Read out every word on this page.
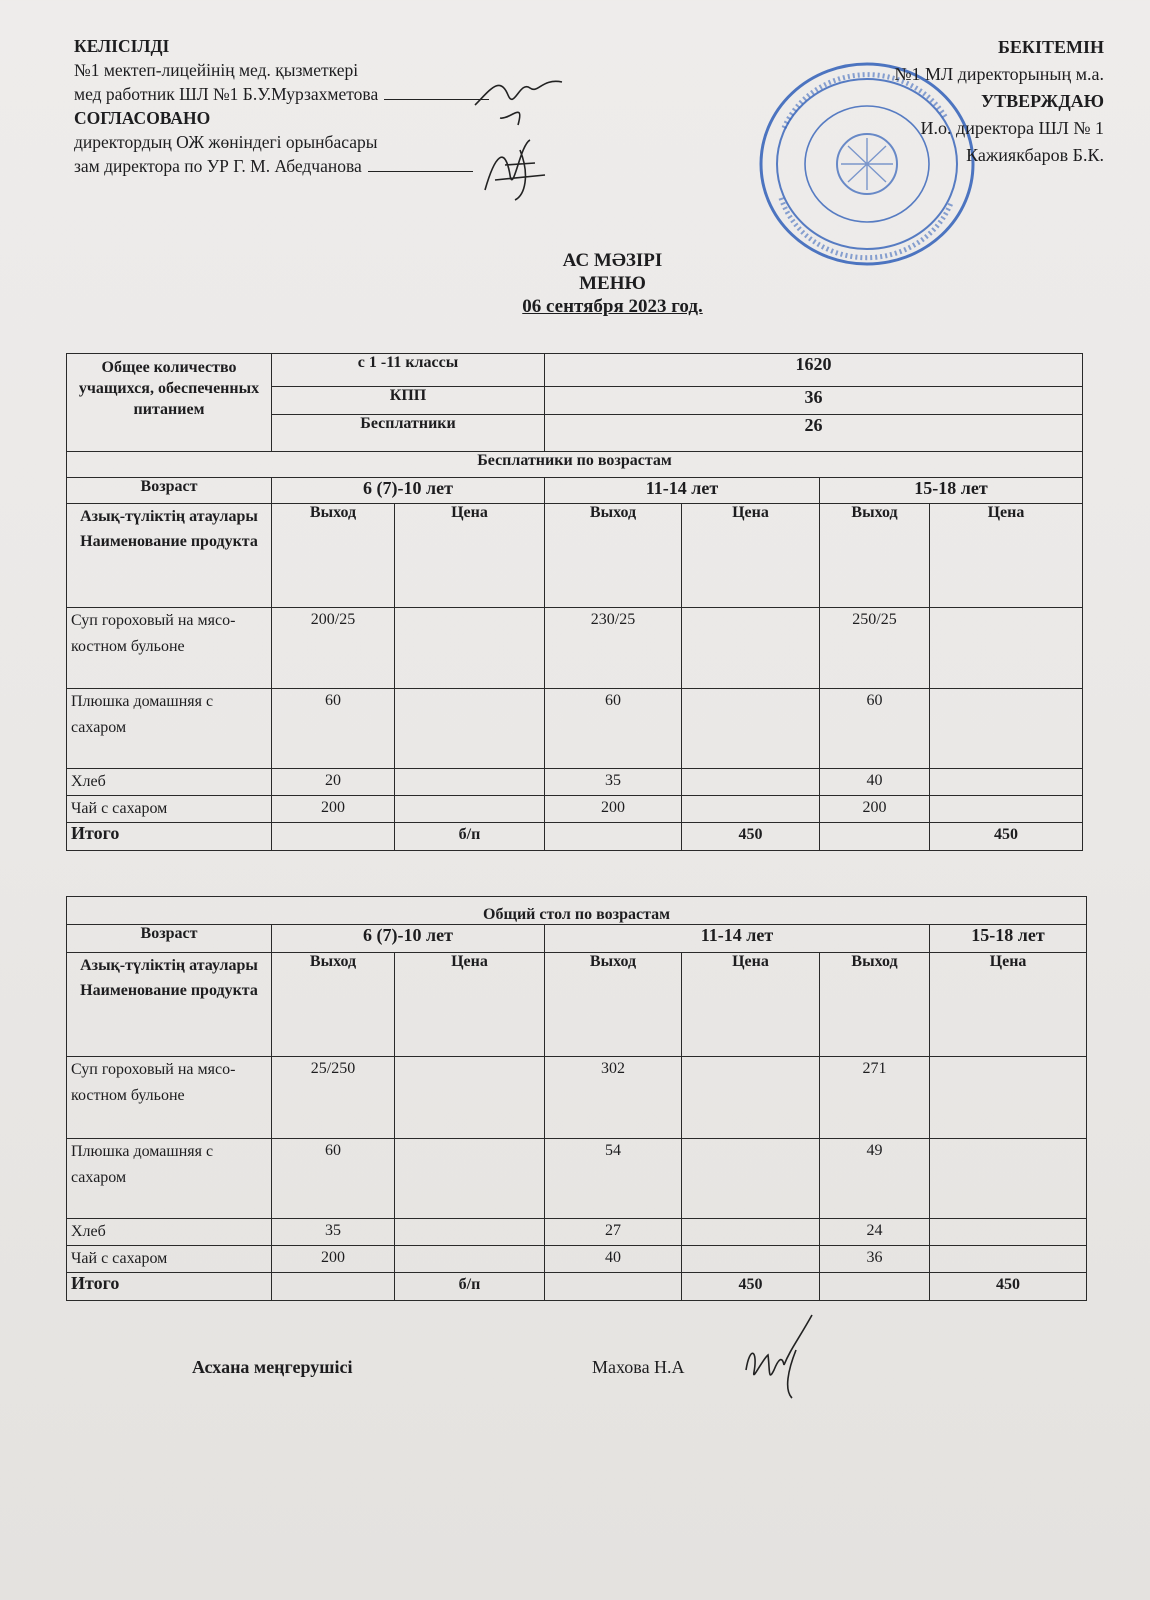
КЕЛІСІЛДІ
№1 мектеп-лицейінің мед. қызметкері
мед работник ШЛ №1 Б.У.Мурзахметова
СОГЛАСОВАНО
директордың ОЖ жөніндегі орынбасары
зам директора по УР Г. М. Абедчанова
БЕКІТЕМІН
№1 МЛ директорының м.а.
УТВЕРЖДАЮ
И.о. директора ШЛ № 1
Кажиякбаров Б.К.
АС МӘЗІРІ
МЕНЮ
06 сентября 2023 год.
Общее количество учащихся, обеспеченных питанием	с 1 -11 классы		1620			
	КПП		36			
	Бесплатники		26			
Бесплатники по возрастам						
Возраст	6 (7)-10 лет		11-14 лет		15-18 лет	
Азық-түліктің атаулары Наименование продукта	Выход	Цена	Выход	Цена	Выход	Цена
Суп гороховый на мясо-костном бульоне	200/25		230/25		250/25	
Плюшка домашняя с сахаром	60		60		60	
Хлеб	20		35		40	
Чай с сахаром	200		200		200	
Итого		б/п		450		450
Общий стол по возрастам						
Возраст	6 (7)-10 лет		11-14 лет			15-18 лет
Азық-түліктің атаулары Наименование продукта	Выход	Цена	Выход	Цена	Выход	Цена
Суп гороховый на мясо-костном бульоне	25/250		302		271	
Плюшка домашняя с сахаром	60		54		49	
Хлеб	35		27		24	
Чай с сахаром	200		40		36	
Итого		б/п		450		450
Асхана меңгерушісі	Махова Н.А
